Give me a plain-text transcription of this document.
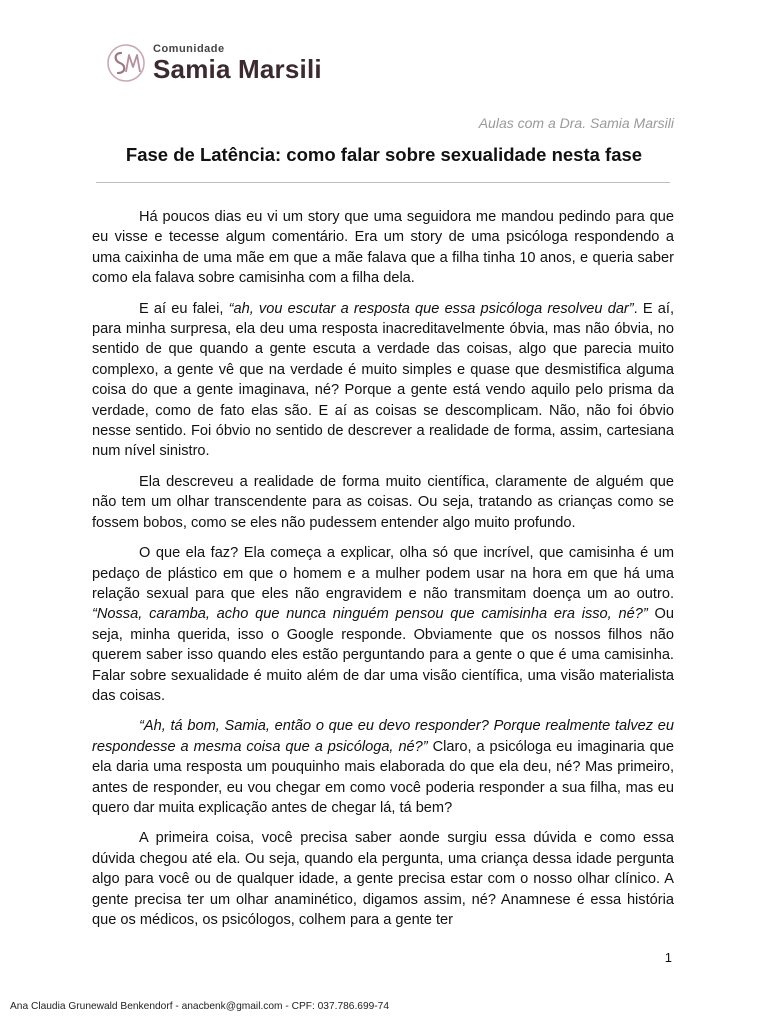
Comunidade
Samia Marsili
Aulas com a Dra. Samia Marsili
Fase de Latência: como falar sobre sexualidade nesta fase

Há poucos dias eu vi um story que uma seguidora me mandou pedindo para que eu visse e tecesse algum comentário. Era um story de uma psicóloga respondendo a uma caixinha de uma mãe em que a mãe falava que a filha tinha 10 anos, e queria saber como ela falava sobre camisinha com a filha dela.

E aí eu falei, “ah, vou escutar a resposta que essa psicóloga resolveu dar”. E aí, para minha surpresa, ela deu uma resposta inacreditavelmente óbvia, mas não óbvia, no sentido de que quando a gente escuta a verdade das coisas, algo que parecia muito complexo, a gente vê que na verdade é muito simples e quase que desmistifica alguma coisa do que a gente imaginava, né? Porque a gente está vendo aquilo pelo prisma da verdade, como de fato elas são. E aí as coisas se descomplicam. Não, não foi óbvio nesse sentido. Foi óbvio no sentido de descrever a realidade de forma, assim, cartesiana num nível sinistro.

Ela descreveu a realidade de forma muito científica, claramente de alguém que não tem um olhar transcendente para as coisas. Ou seja, tratando as crianças como se fossem bobos, como se eles não pudessem entender algo muito profundo.

O que ela faz? Ela começa a explicar, olha só que incrível, que camisinha é um pedaço de plástico em que o homem e a mulher podem usar na hora em que há uma relação sexual para que eles não engravidem e não transmitam doença um ao outro. “Nossa, caramba, acho que nunca ninguém pensou que camisinha era isso, né?” Ou seja, minha querida, isso o Google responde. Obviamente que os nossos filhos não querem saber isso quando eles estão perguntando para a gente o que é uma camisinha. Falar sobre sexualidade é muito além de dar uma visão científica, uma visão materialista das coisas.

“Ah, tá bom, Samia, então o que eu devo responder? Porque realmente talvez eu respondesse a mesma coisa que a psicóloga, né?” Claro, a psicóloga eu imaginaria que ela daria uma resposta um pouquinho mais elaborada do que ela deu, né? Mas primeiro, antes de responder, eu vou chegar em como você poderia responder a sua filha, mas eu quero dar muita explicação antes de chegar lá, tá bem?

A primeira coisa, você precisa saber aonde surgiu essa dúvida e como essa dúvida chegou até ela. Ou seja, quando ela pergunta, uma criança dessa idade pergunta algo para você ou de qualquer idade, a gente precisa estar com o nosso olhar clínico. A gente precisa ter um olhar anaminético, digamos assim, né? Anamnese é essa história que os médicos, os psicólogos, colhem para a gente ter

1
Ana Claudia Grunewald Benkendorf - anacbenk@gmail.com - CPF: 037.786.699-74
